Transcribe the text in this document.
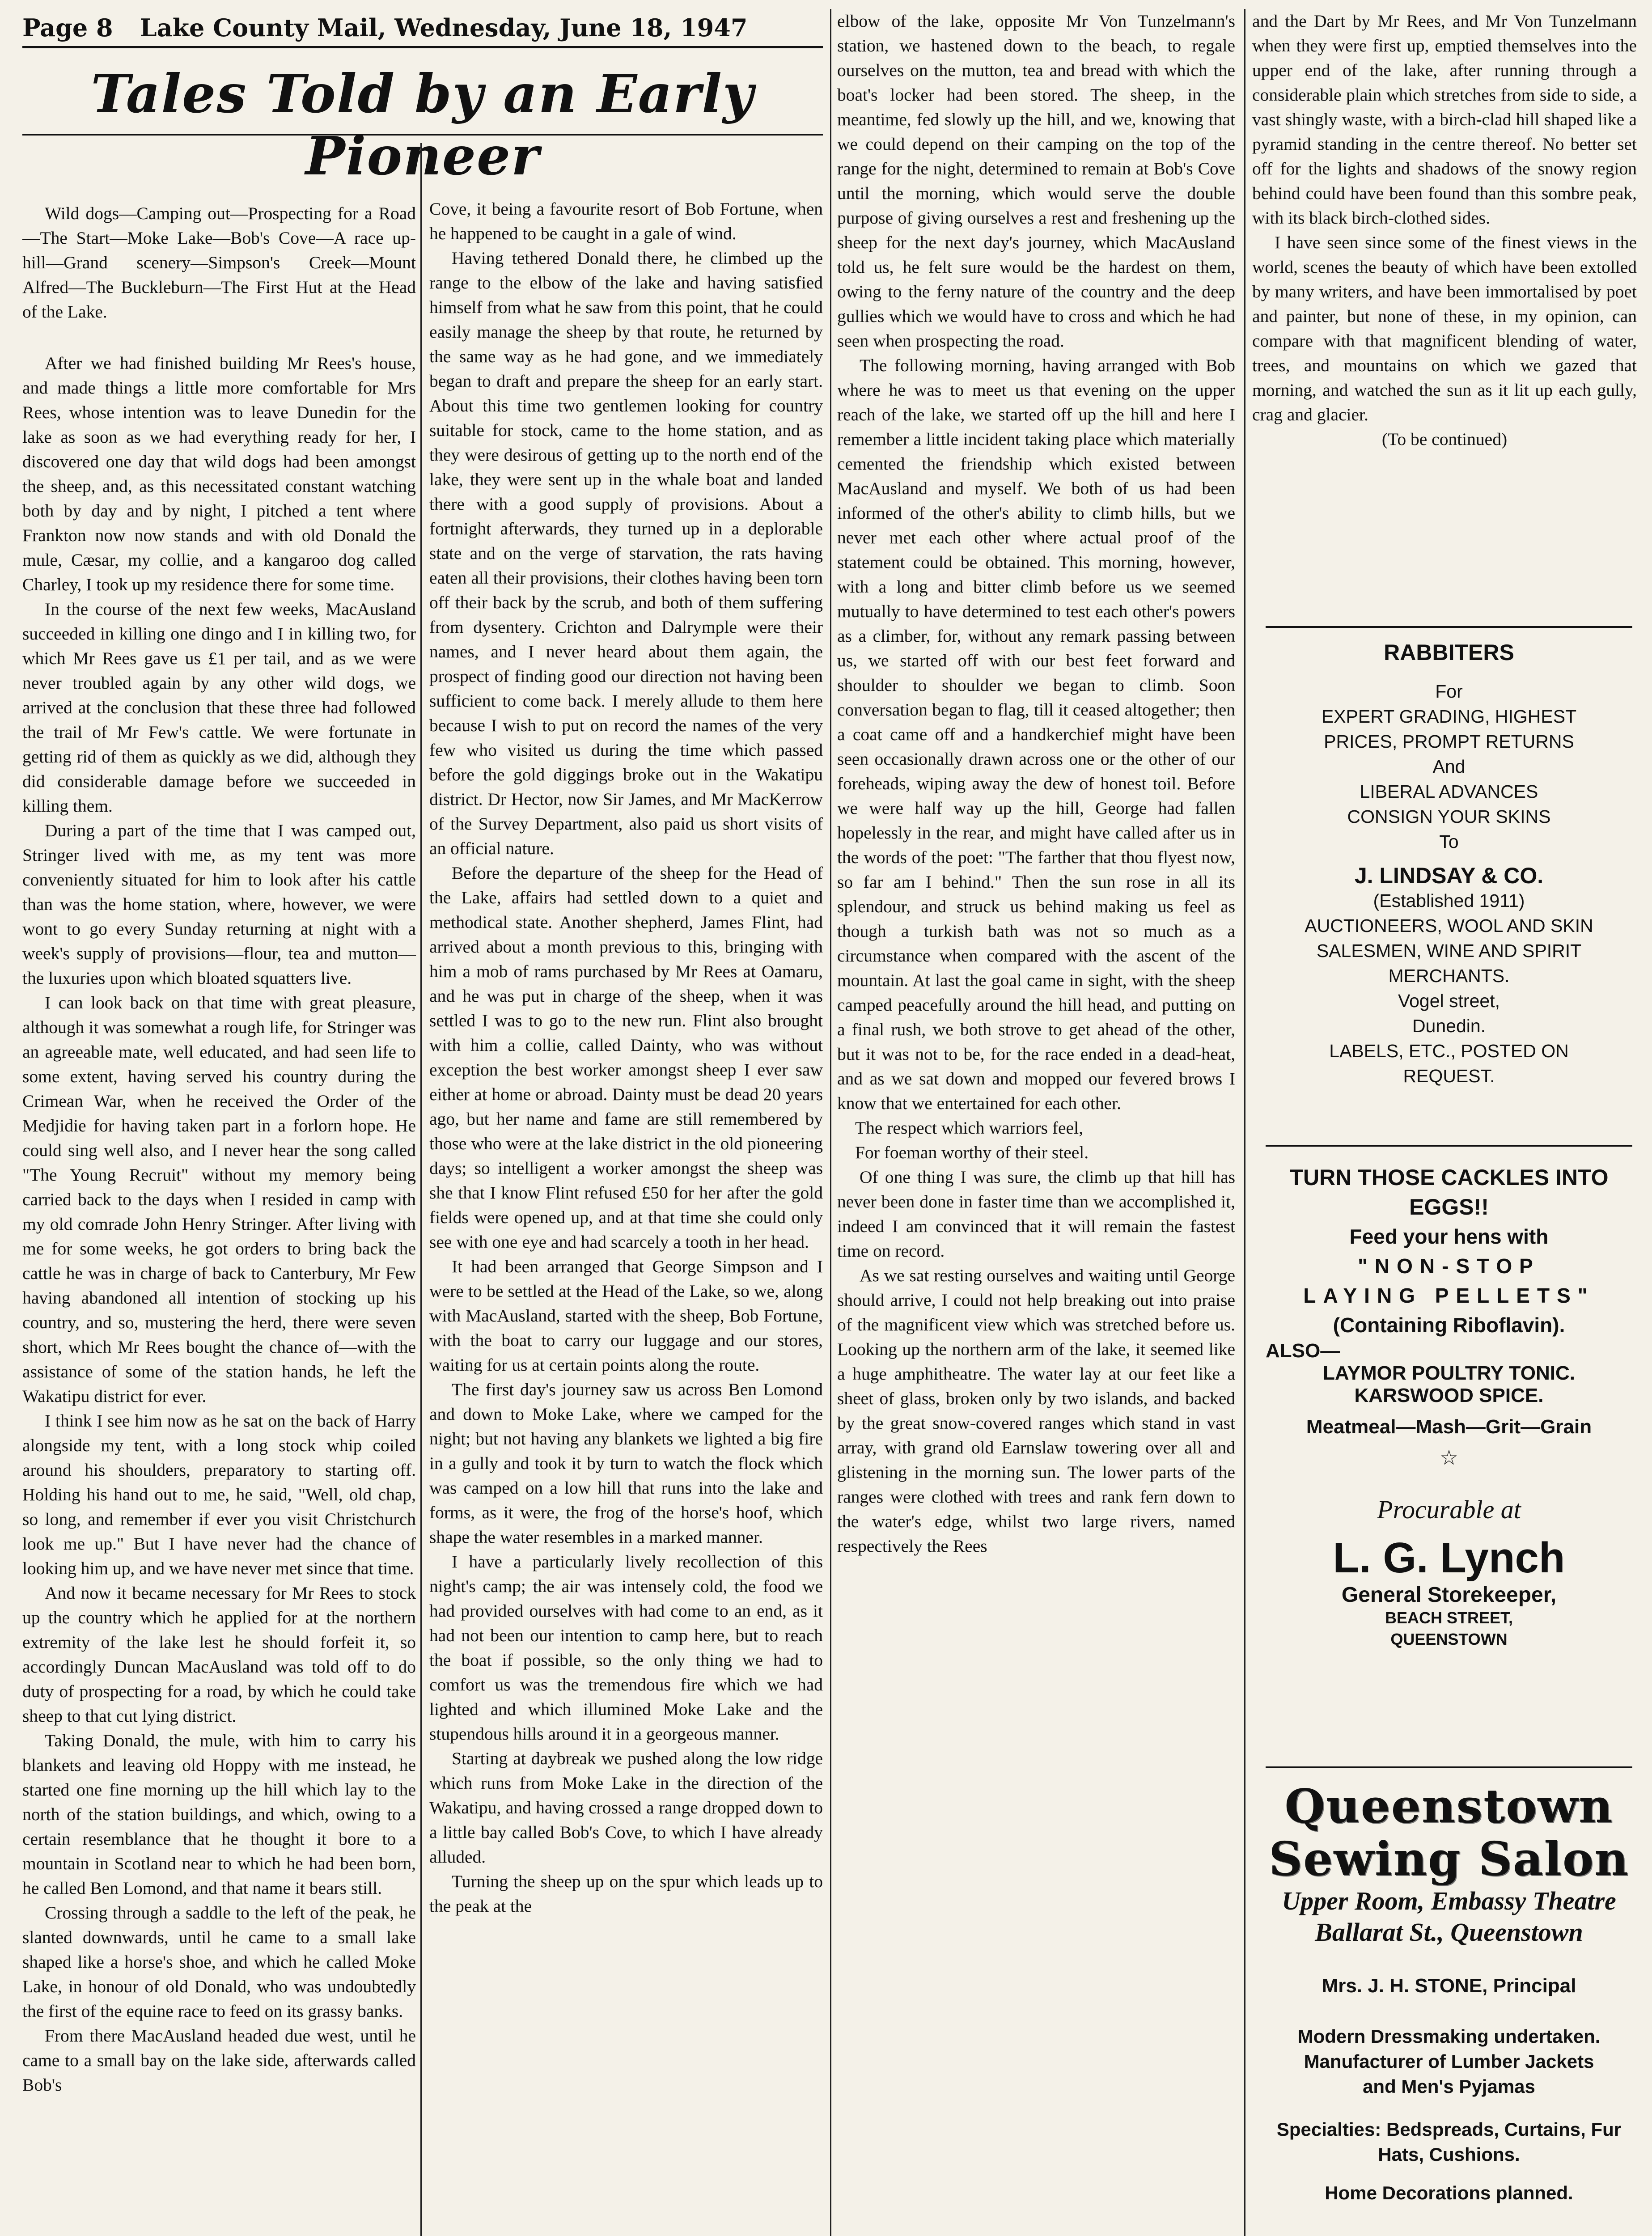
Page 8 Lake County Mail, Wednesday, June 18, 1947
Tales Told by an Early Pioneer

Wild dogs—Camping out—Prospecting for a Road—The Start—Moke Lake—Bob's Cove—A race up-hill—Grand scenery—Simpson's Creek—Mount Alfred—The Buckleburn—The First Hut at the Head of the Lake.

After we had finished building Mr Rees's house, and made things a little more comfortable for Mrs Rees, whose intention was to leave Dunedin for the lake as soon as we had everything ready for her, I discovered one day that wild dogs had been amongst the sheep, and, as this necessitated constant watching both by day and by night, I pitched a tent where Frankton now now stands and with old Donald the mule, Cæsar, my collie, and a kangaroo dog called Charley, I took up my residence there for some time.

In the course of the next few weeks, MacAusland succeeded in killing one dingo and I in killing two, for which Mr Rees gave us £1 per tail, and as we were never troubled again by any other wild dogs, we arrived at the conclusion that these three had followed the trail of Mr Few's cattle. We were fortunate in getting rid of them as quickly as we did, although they did considerable damage before we succeeded in killing them.

During a part of the time that I was camped out, Stringer lived with me, as my tent was more conveniently situated for him to look after his cattle than was the home station, where, however, we were wont to go every Sunday returning at night with a week's supply of provisions—flour, tea and mutton—the luxuries upon which bloated squatters live.

I can look back on that time with great pleasure, although it was somewhat a rough life, for Stringer was an agreeable mate, well educated, and had seen life to some extent, having served his country during the Crimean War, when he received the Order of the Medjidie for having taken part in a forlorn hope. He could sing well also, and I never hear the song called "The Young Recruit" without my memory being carried back to the days when I resided in camp with my old comrade John Henry Stringer. After living with me for some weeks, he got orders to bring back the cattle he was in charge of back to Canterbury, Mr Few having abandoned all intention of stocking up his country, and so, mustering the herd, there were seven short, which Mr Rees bought the chance of—with the assistance of some of the station hands, he left the Wakatipu district for ever.

I think I see him now as he sat on the back of Harry alongside my tent, with a long stock whip coiled around his shoulders, preparatory to starting off. Holding his hand out to me, he said, "Well, old chap, so long, and remember if ever you visit Christchurch look me up." But I have never had the chance of looking him up, and we have never met since that time.

And now it became necessary for Mr Rees to stock up the country which he applied for at the northern extremity of the lake lest he should forfeit it, so accordingly Duncan MacAusland was told off to do duty of prospecting for a road, by which he could take sheep to that cut lying district.

Taking Donald, the mule, with him to carry his blankets and leaving old Hoppy with me instead, he started one fine morning up the hill which lay to the north of the station buildings, and which, owing to a certain resemblance that he thought it bore to a mountain in Scotland near to which he had been born, he called Ben Lomond, and that name it bears still.

Crossing through a saddle to the left of the peak, he slanted downwards, until he came to a small lake shaped like a horse's shoe, and which he called Moke Lake, in honour of old Donald, who was undoubtedly the first of the equine race to feed on its grassy banks.

From there MacAusland headed due west, until he came to a small bay on the lake side, afterwards called Bob's

Cove, it being a favourite resort of Bob Fortune, when he happened to be caught in a gale of wind.

Having tethered Donald there, he climbed up the range to the elbow of the lake and having satisfied himself from what he saw from this point, that he could easily manage the sheep by that route, he returned by the same way as he had gone, and we immediately began to draft and prepare the sheep for an early start. About this time two gentlemen looking for country suitable for stock, came to the home station, and as they were desirous of getting up to the north end of the lake, they were sent up in the whale boat and landed there with a good supply of provisions. About a fortnight afterwards, they turned up in a deplorable state and on the verge of starvation, the rats having eaten all their provisions, their clothes having been torn off their back by the scrub, and both of them suffering from dysentery. Crichton and Dalrymple were their names, and I never heard about them again, the prospect of finding good our direction not having been sufficient to come back. I merely allude to them here because I wish to put on record the names of the very few who visited us during the time which passed before the gold diggings broke out in the Wakatipu district. Dr Hector, now Sir James, and Mr MacKerrow of the Survey Department, also paid us short visits of an official nature.

Before the departure of the sheep for the Head of the Lake, affairs had settled down to a quiet and methodical state. Another shepherd, James Flint, had arrived about a month previous to this, bringing with him a mob of rams purchased by Mr Rees at Oamaru, and he was put in charge of the sheep, when it was settled I was to go to the new run. Flint also brought with him a collie, called Dainty, who was without exception the best worker amongst sheep I ever saw either at home or abroad. Dainty must be dead 20 years ago, but her name and fame are still remembered by those who were at the lake district in the old pioneering days; so intelligent a worker amongst the sheep was she that I know Flint refused £50 for her after the gold fields were opened up, and at that time she could only see with one eye and had scarcely a tooth in her head.

It had been arranged that George Simpson and I were to be settled at the Head of the Lake, so we, along with MacAusland, started with the sheep, Bob Fortune, with the boat to carry our luggage and our stores, waiting for us at certain points along the route.

The first day's journey saw us across Ben Lomond and down to Moke Lake, where we camped for the night; but not having any blankets we lighted a big fire in a gully and took it by turn to watch the flock which was camped on a low hill that runs into the lake and forms, as it were, the frog of the horse's hoof, which shape the water resembles in a marked manner.

I have a particularly lively recollection of this night's camp; the air was intensely cold, the food we had provided ourselves with had come to an end, as it had not been our intention to camp here, but to reach the boat if possible, so the only thing we had to comfort us was the tremendous fire which we had lighted and which illumined Moke Lake and the stupendous hills around it in a georgeous manner.

Starting at daybreak we pushed along the low ridge which runs from Moke Lake in the direction of the Wakatipu, and having crossed a range dropped down to a little bay called Bob's Cove, to which I have already alluded.

Turning the sheep up on the spur which leads up to the peak at the

elbow of the lake, opposite Mr Von Tunzelmann's station, we hastened down to the beach, to regale ourselves on the mutton, tea and bread with which the boat's locker had been stored. The sheep, in the meantime, fed slowly up the hill, and we, knowing that we could depend on their camping on the top of the range for the night, determined to remain at Bob's Cove until the morning, which would serve the double purpose of giving ourselves a rest and freshening up the sheep for the next day's journey, which MacAusland told us, he felt sure would be the hardest on them, owing to the ferny nature of the country and the deep gullies which we would have to cross and which he had seen when prospecting the road.

The following morning, having arranged with Bob where he was to meet us that evening on the upper reach of the lake, we started off up the hill and here I remember a little incident taking place which materially cemented the friendship which existed between MacAusland and myself. We both of us had been informed of the other's ability to climb hills, but we never met each other where actual proof of the statement could be obtained. This morning, however, with a long and bitter climb before us we seemed mutually to have determined to test each other's powers as a climber, for, without any remark passing between us, we started off with our best feet forward and shoulder to shoulder we began to climb. Soon conversation began to flag, till it ceased altogether; then a coat came off and a handkerchief might have been seen occasionally drawn across one or the other of our foreheads, wiping away the dew of honest toil. Before we were half way up the hill, George had fallen hopelessly in the rear, and might have called after us in the words of the poet: "The farther that thou flyest now, so far am I behind." Then the sun rose in all its splendour, and struck us behind making us feel as though a turkish bath was not so much as a circumstance when compared with the ascent of the mountain. At last the goal came in sight, with the sheep camped peacefully around the hill head, and putting on a final rush, we both strove to get ahead of the other, but it was not to be, for the race ended in a dead-heat, and as we sat down and mopped our fevered brows I know that we entertained for each other.

The respect which warriors feel,

For foeman worthy of their steel.

Of one thing I was sure, the climb up that hill has never been done in faster time than we accomplished it, indeed I am convinced that it will remain the fastest time on record.

As we sat resting ourselves and waiting until George should arrive, I could not help breaking out into praise of the magnificent view which was stretched before us. Looking up the northern arm of the lake, it seemed like a huge amphitheatre. The water lay at our feet like a sheet of glass, broken only by two islands, and backed by the great snow-covered ranges which stand in vast array, with grand old Earnslaw towering over all and glistening in the morning sun. The lower parts of the ranges were clothed with trees and rank fern down to the water's edge, whilst two large rivers, named respectively the Rees

and the Dart by Mr Rees, and Mr Von Tunzelmann when they were first up, emptied themselves into the upper end of the lake, after running through a considerable plain which stretches from side to side, a vast shingly waste, with a birch-clad hill shaped like a pyramid standing in the centre thereof. No better set off for the lights and shadows of the snowy region behind could have been found than this sombre peak, with its black birch-clothed sides.

I have seen since some of the finest views in the world, scenes the beauty of which have been extolled by many writers, and have been immortalised by poet and painter, but none of these, in my opinion, can compare with that magnificent blending of water, trees, and mountains on which we gazed that morning, and watched the sun as it lit up each gully, crag and glacier.

(To be continued)

RABBITERS

For

EXPERT GRADING, HIGHEST

PRICES, PROMPT RETURNS

And

LIBERAL ADVANCES

CONSIGN YOUR SKINS

To

J. LINDSAY & CO.

(Established 1911)

AUCTIONEERS, WOOL AND SKIN

SALESMEN, WINE AND SPIRIT

MERCHANTS.

Vogel street,

Dunedin.

LABELS, ETC., POSTED ON

REQUEST.

TURN THOSE CACKLES INTO EGGS!!

Feed your hens with

"NON-STOP

LAYING PELLETS"

(Containing Riboflavin).

ALSO—

LAYMOR POULTRY TONIC.

KARSWOOD SPICE.

Meatmeal—Mash—Grit—Grain

☆

Procurable at

L. G. Lynch

General Storekeeper,

BEACH STREET,

QUEENSTOWN

Queenstown

Sewing Salon

Upper Room, Embassy Theatre

Ballarat St., Queenstown

Mrs. J. H. STONE, Principal

Modern Dressmaking undertaken.

Manufacturer of Lumber Jackets

and Men's Pyjamas

Specialties: Bedspreads, Curtains, Fur Hats, Cushions.

Home Decorations planned.
